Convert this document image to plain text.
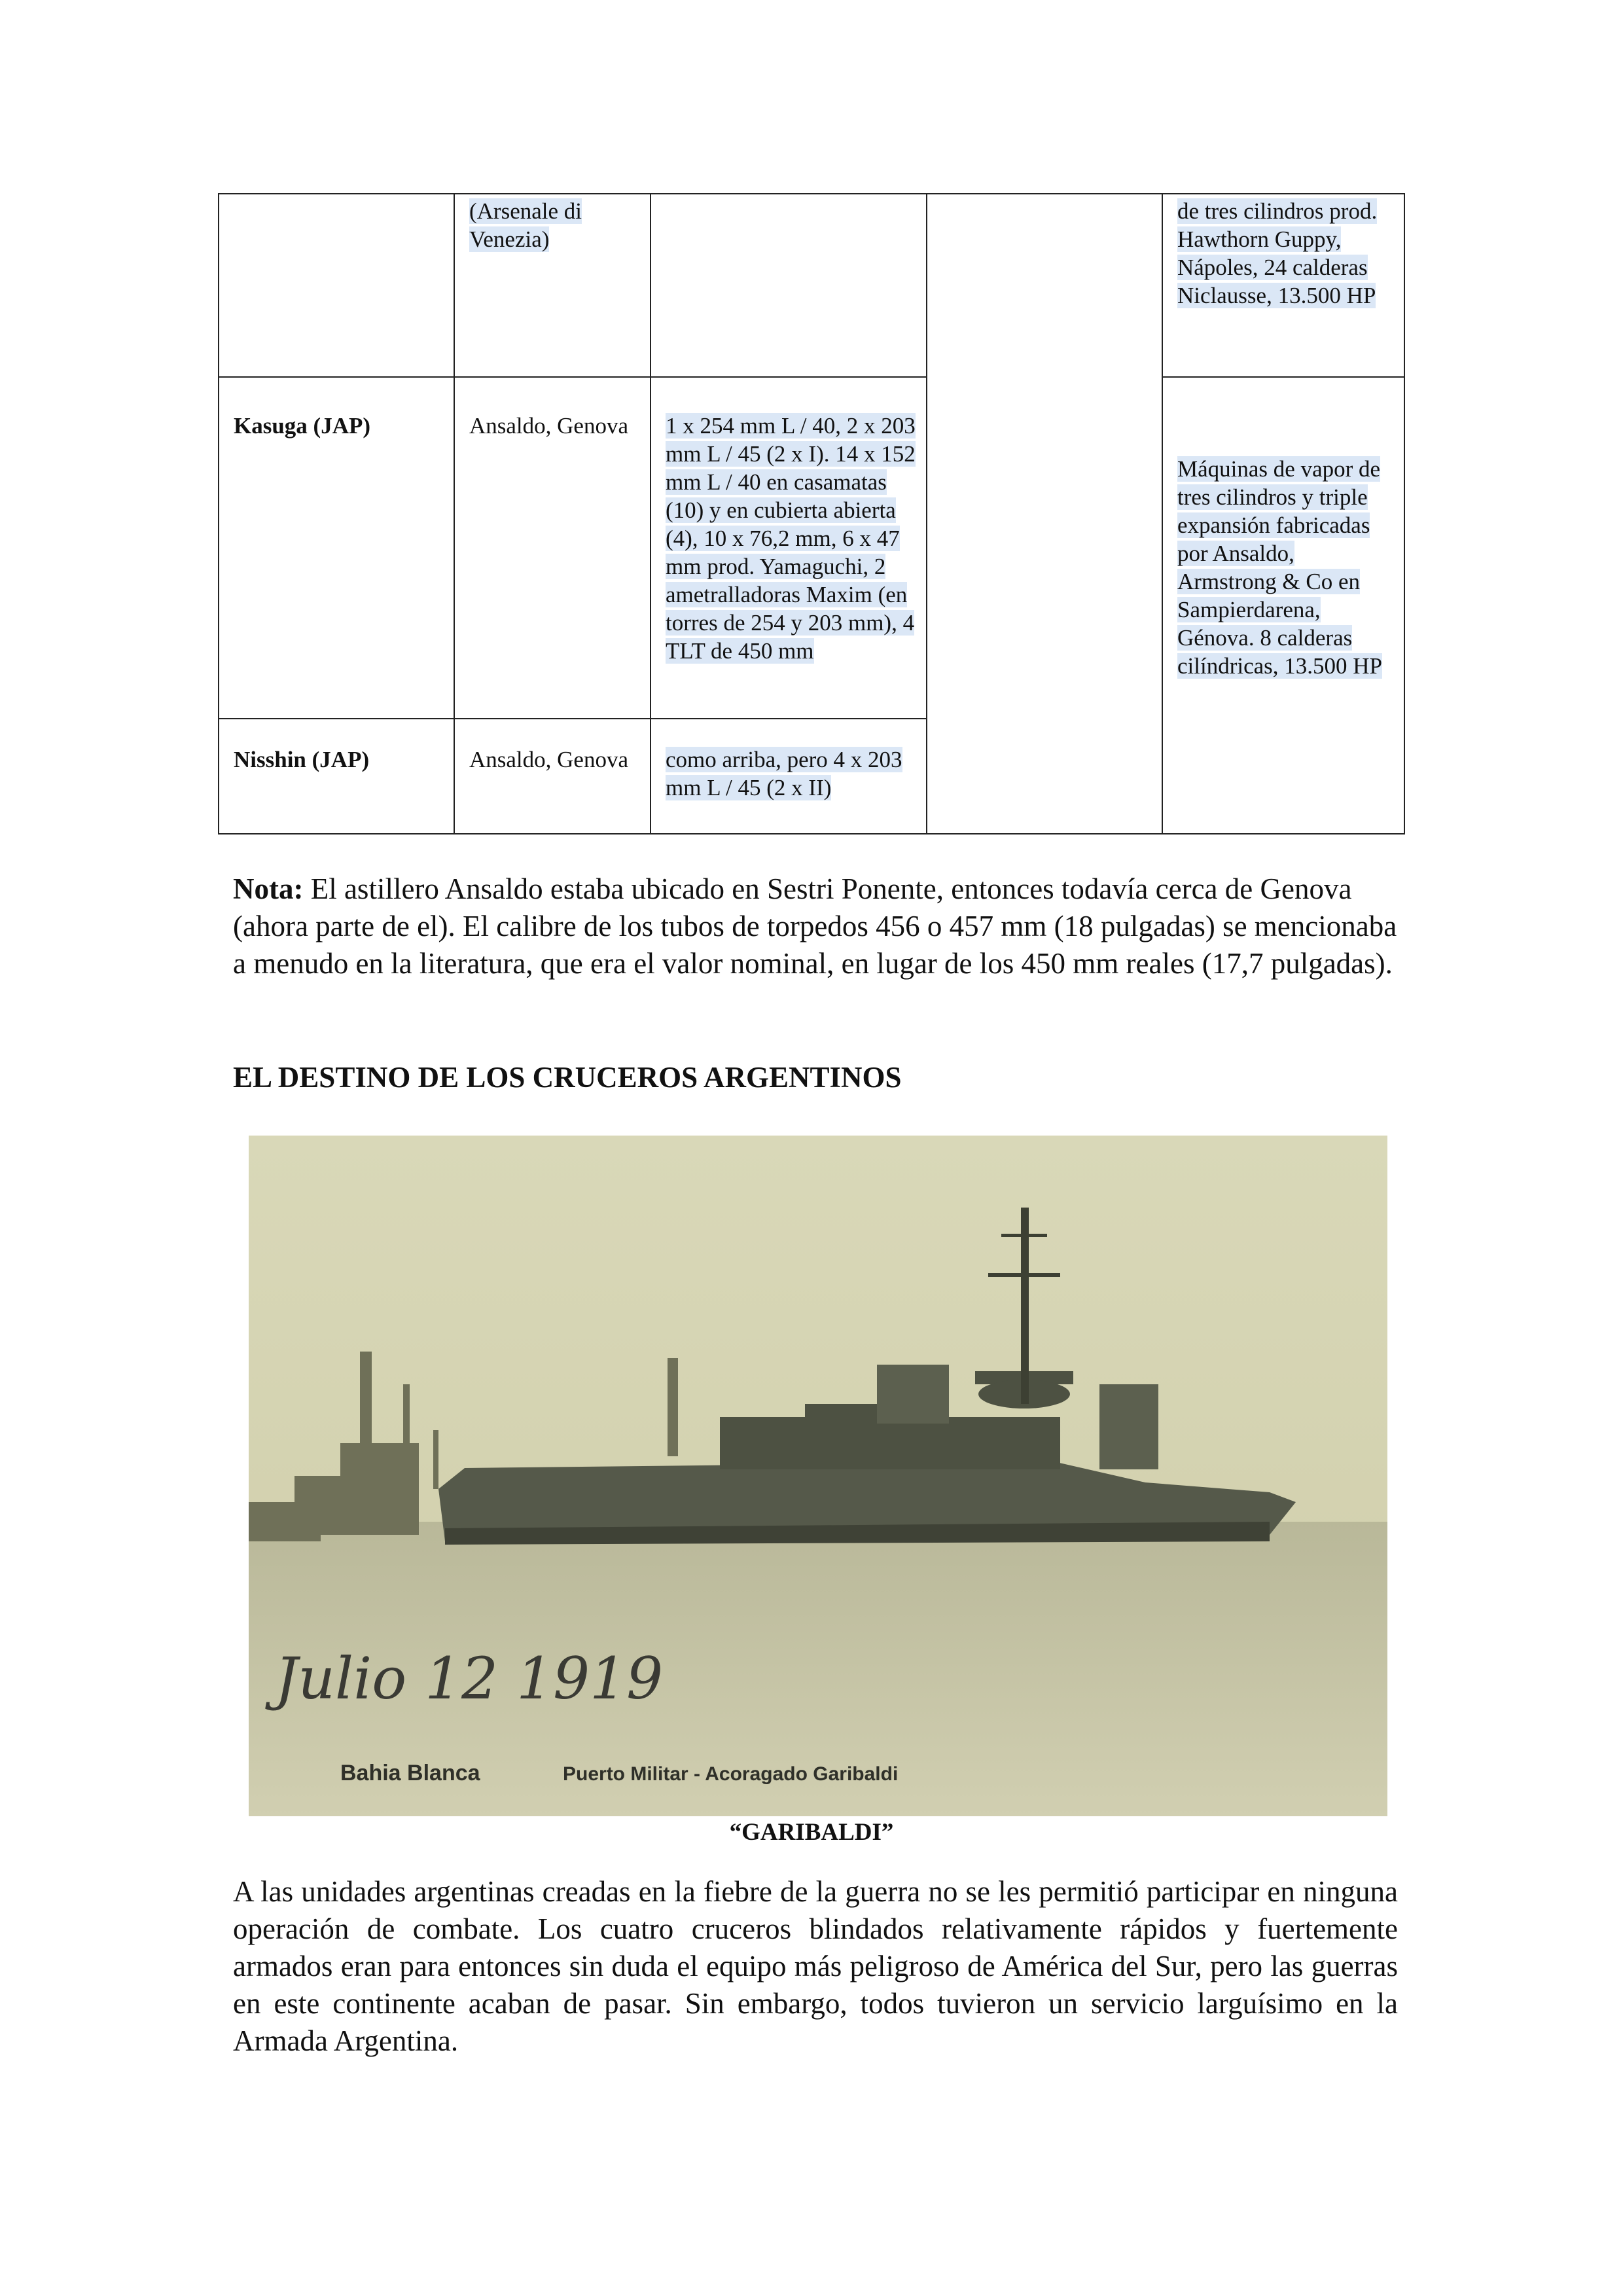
	(Arsenale di Venezia)			de tres cilindros prod. Hawthorn Guppy, Nápoles, 24 calderas Niclausse, 13.500 HP
Kasuga (JAP)	Ansaldo, Genova	1 x 254 mm L / 40, 2 x 203 mm L / 45 (2 x I). 14 x 152 mm L / 40 en casamatas (10) y en cubierta abierta (4), 10 x 76,2 mm, 6 x 47 mm prod. Yamaguchi, 2 ametralladoras Maxim (en torres de 254 y 203 mm), 4 TLT de 450 mm		Máquinas de vapor de tres cilindros y triple expansión fabricadas por Ansaldo, Armstrong & Co en Sampierdarena, Génova. 8 calderas cilíndricas, 13.500 HP
Nisshin (JAP)	Ansaldo, Genova	como arriba, pero 4 x 203 mm L / 45 (2 x II)		
Nota: El astillero Ansaldo estaba ubicado en Sestri Ponente, entonces todavía cerca de Genova (ahora parte de el). El calibre de los tubos de torpedos 456 o 457 mm (18 pulgadas) se mencionaba a menudo en la literatura, que era el valor nominal, en lugar de los 450 mm reales (17,7 pulgadas).
EL DESTINO DE LOS CRUCEROS ARGENTINOS
Julio 12 1919
Bahia Blanca	Puerto Militar - Acoragado Garibaldi
“GARIBALDI”
A las unidades argentinas creadas en la fiebre de la guerra no se les permitió participar en ninguna operación de combate. Los cuatro cruceros blindados relativamente rápidos y fuertemente armados eran para entonces sin duda el equipo más peligroso de América del Sur, pero las guerras en este continente acaban de pasar. Sin embargo, todos tuvieron un servicio larguísimo en la Armada Argentina.
